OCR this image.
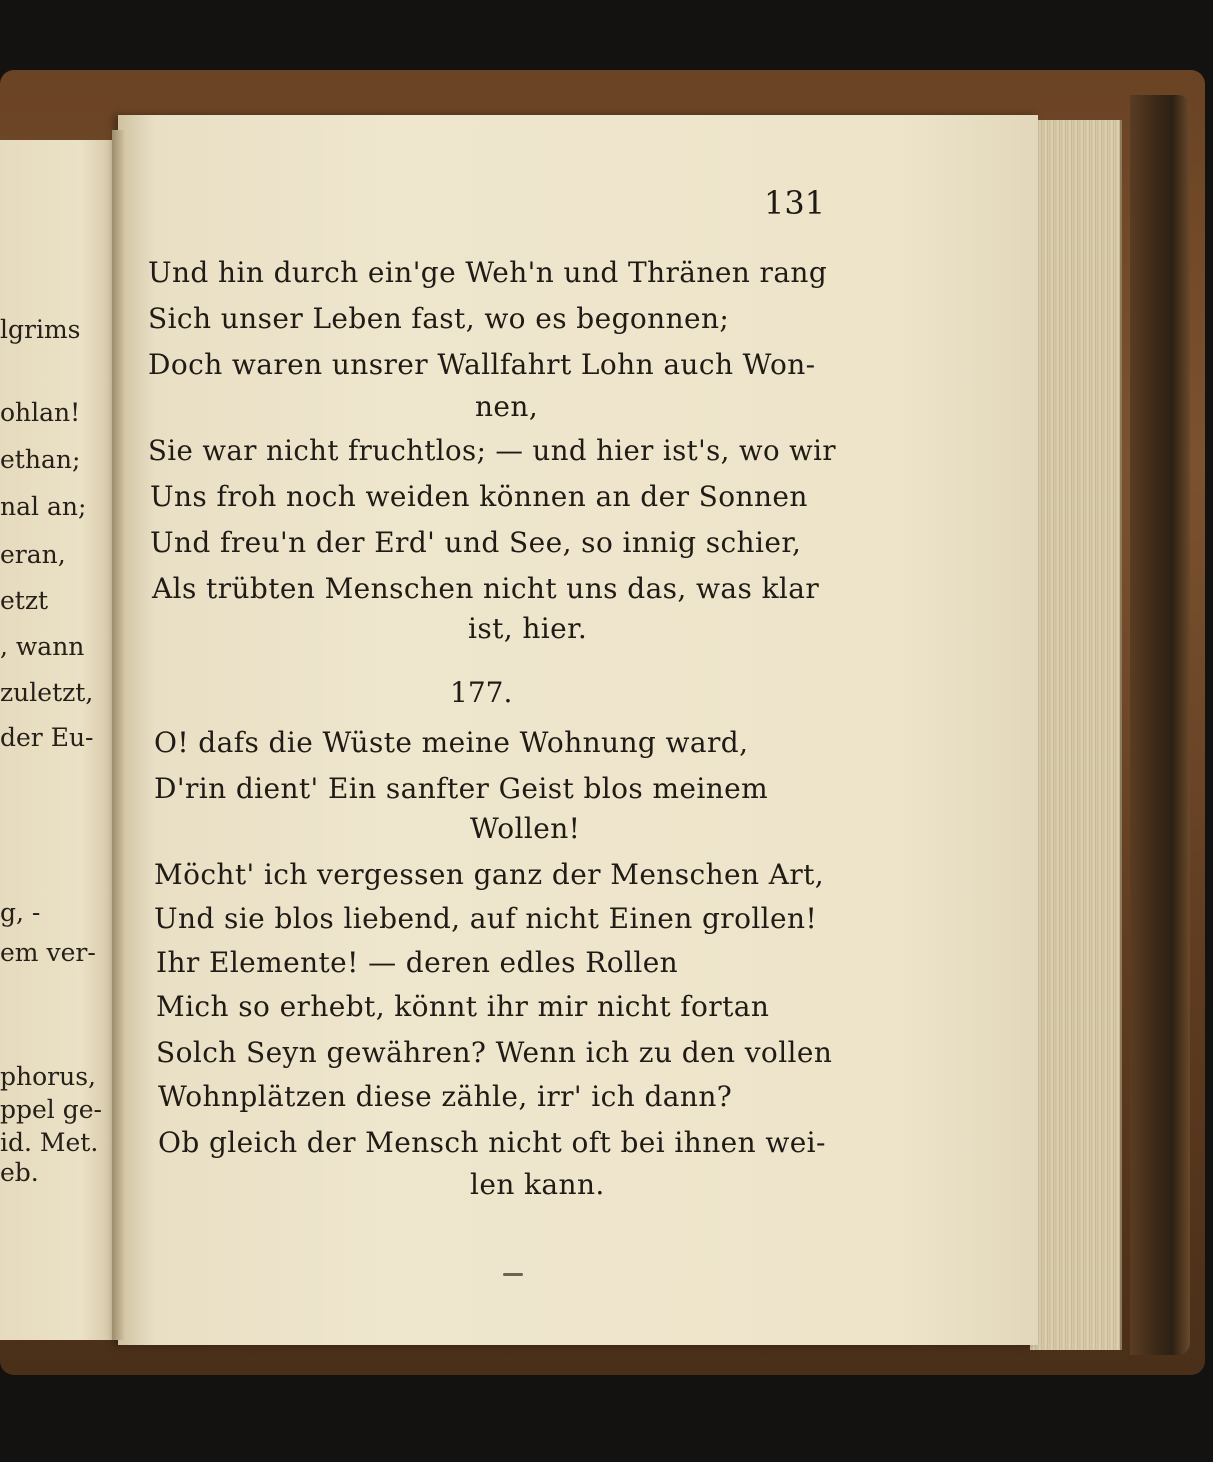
lgrims
ohlan!
ethan;
nal an;
eran,
etzt
, wann
zuletzt,
der Eu-
g, -
em ver-
phorus,
ppel ge-
id. Met.
eb.
131
Und hin durch ein'ge Weh'n und Thränen rang
Sich unser Leben fast, wo es begonnen;
Doch waren unsrer Wallfahrt Lohn auch Won-
nen,
Sie war nicht fruchtlos; — und hier ist's, wo wir
Uns froh noch weiden können an der Sonnen
Und freu'n der Erd' und See, so innig schier,
Als trübten Menschen nicht uns das, was klar
ist, hier.
177.
O! dafs die Wüste meine Wohnung ward,
D'rin dient' Ein sanfter Geist blos meinem
Wollen!
Möcht' ich vergessen ganz der Menschen Art,
Und sie blos liebend, auf nicht Einen grollen!
Ihr Elemente! — deren edles Rollen
Mich so erhebt, könnt ihr mir nicht fortan
Solch Seyn gewähren? Wenn ich zu den vollen
Wohnplätzen diese zähle, irr' ich dann?
Ob gleich der Mensch nicht oft bei ihnen wei-
len kann.
